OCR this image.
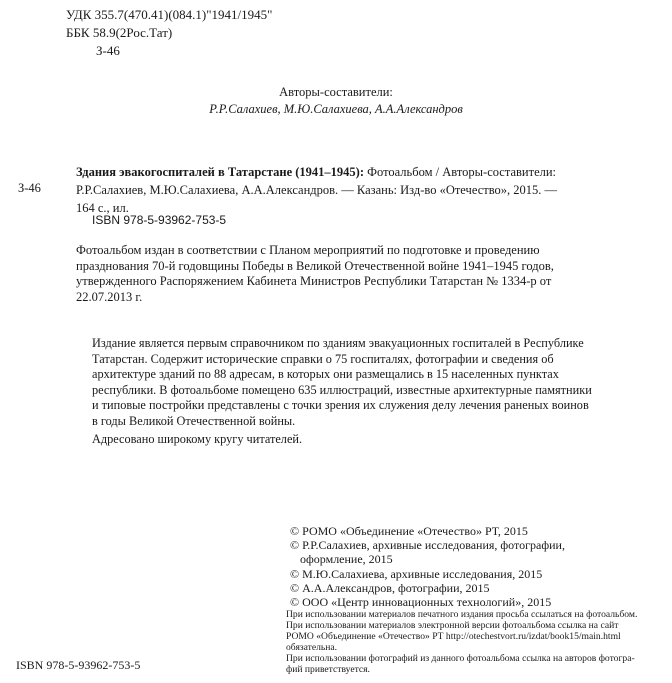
УДК 355.7(470.41)(084.1)"1941/1945"
ББК 58.9(2Рос.Тат)
З-46
Авторы-составители:
Р.Р.Салахиев, М.Ю.Салахиева, А.А.Александров
З-46
Здания эвакогоспиталей в Татарстане (1941–1945): Фотоальбом / Авторы-составители:
Р.Р.Салахиев, М.Ю.Салахиева, А.А.Александров. — Казань: Изд-во «Отечество», 2015. —
164 с., ил.
ISBN 978-5-93962-753-5
Фотоальбом издан в соответствии с Планом мероприятий по подготовке и проведению
празднования 70-й годовщины Победы в Великой Отечественной войне 1941–1945 годов,
утвержденного Распоряжением Кабинета Министров Республики Татарстан № 1334-р от
22.07.2013 г.
Издание является первым справочником по зданиям эвакуационных госпиталей в Республике
Татарстан. Содержит исторические справки о 75 госпиталях, фотографии и сведения об
архитектуре зданий по 88 адресам, в которых они размещались в 15 населенных пунктах
республики. В фотоальбоме помещено 635 иллюстраций, известные архитектурные памятники
и типовые постройки представлены с точки зрения их служения делу лечения раненых воинов
в годы Великой Отечественной войны.
Адресовано широкому кругу читателей.
© РОМО «Объединение «Отечество» РТ, 2015
© Р.Р.Салахиев, архивные исследования, фотографии,
оформление, 2015
© М.Ю.Салахиева, архивные исследования, 2015
© А.А.Александров, фотографии, 2015
© ООО «Центр инновационных технологий», 2015
При использовании материалов печатного издания просьба ссылаться на фотоальбом.
При использовании материалов электронной версии фотоальбома ссылка на сайт
РОМО «Объединение «Отечество» РТ http://otechestvort.ru/izdat/book15/main.html
обязательна.
При использовании фотографий из данного фотоальбома ссылка на авторов фотогра-
фий приветствуется.
ISBN 978-5-93962-753-5
